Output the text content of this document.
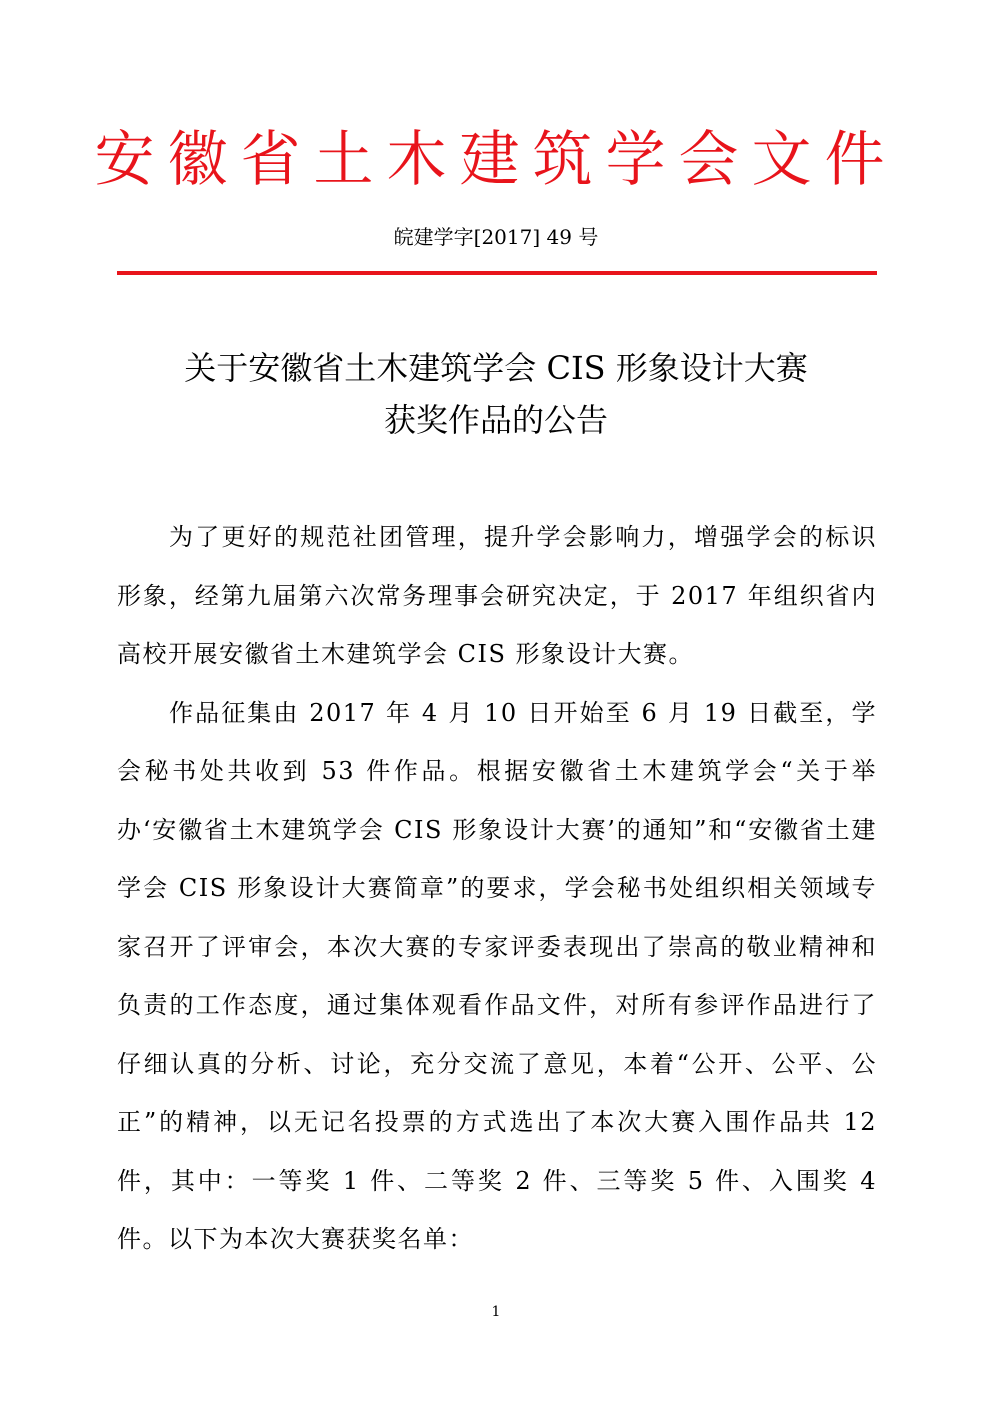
安徽省土木建筑学会文件
皖建学字[2017] 49 号
关于安徽省土木建筑学会 CIS 形象设计大赛
获奖作品的公告

为了更好的规范社团管理，提升学会影响力，增强学会的标识形象，经第九届第六次常务理事会研究决定，于 2017 年组织省内高校开展安徽省土木建筑学会 CIS 形象设计大赛。

作品征集由 2017 年 4 月 10 日开始至 6 月 19 日截至，学会秘书处共收到 53 件作品。根据安徽省土木建筑学会“关于举办‘安徽省土木建筑学会 CIS 形象设计大赛’的通知”和“安徽省土建学会 CIS 形象设计大赛简章”的要求，学会秘书处组织相关领域专家召开了评审会，本次大赛的专家评委表现出了崇高的敬业精神和负责的工作态度，通过集体观看作品文件，对所有参评作品进行了仔细认真的分析、讨论，充分交流了意见，本着“公开、公平、公正”的精神，以无记名投票的方式选出了本次大赛入围作品共 12 件，其中：一等奖 1 件、二等奖 2 件、三等奖 5 件、入围奖 4 件。以下为本次大赛获奖名单：

1
